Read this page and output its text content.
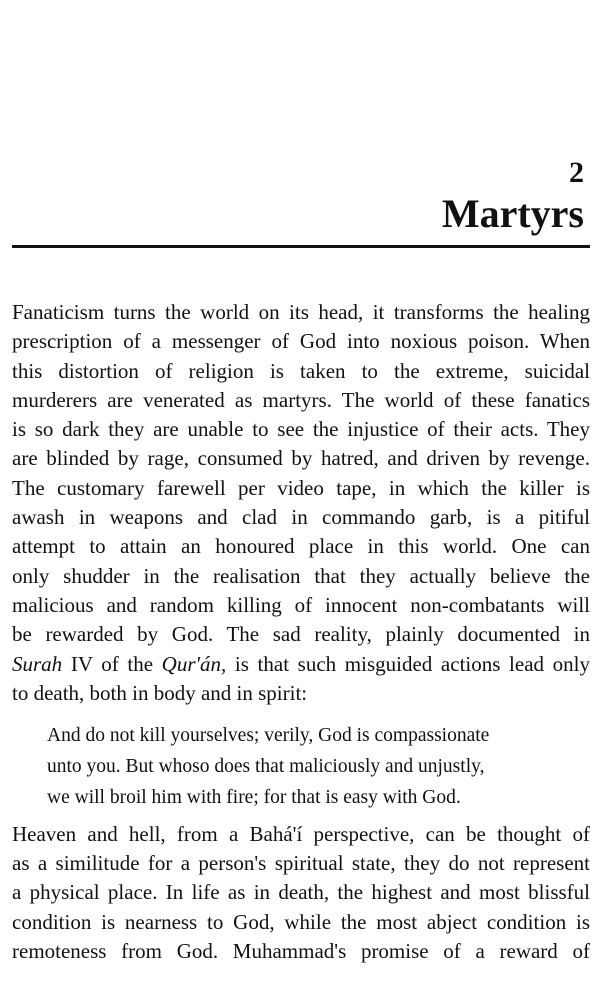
2
Martyrs
Fanaticism turns the world on its head, it transforms the healing
prescription of a messenger of God into noxious poison. When
this distortion of religion is taken to the extreme, suicidal
murderers are venerated as martyrs. The world of these fanatics
is so dark they are unable to see the injustice of their acts. They
are blinded by rage, consumed by hatred, and driven by revenge.
The customary farewell per video tape, in which the killer is
awash in weapons and clad in commando garb, is a pitiful
attempt to attain an honoured place in this world. One can
only shudder in the realisation that they actually believe the
malicious and random killing of innocent non-combatants will
be rewarded by God. The sad reality, plainly documented in
Surah IV of the Qur'án, is that such misguided actions lead only
to death, both in body and in spirit:
And do not kill yourselves; verily, God is compassionate
unto you. But whoso does that maliciously and unjustly,
we will broil him with fire; for that is easy with God.
Heaven and hell, from a Bahá'í perspective, can be thought of
as a similitude for a person's spiritual state, they do not represent
a physical place. In life as in death, the highest and most blissful
condition is nearness to God, while the most abject condition is
remoteness from God. Muhammad's promise of a reward of
